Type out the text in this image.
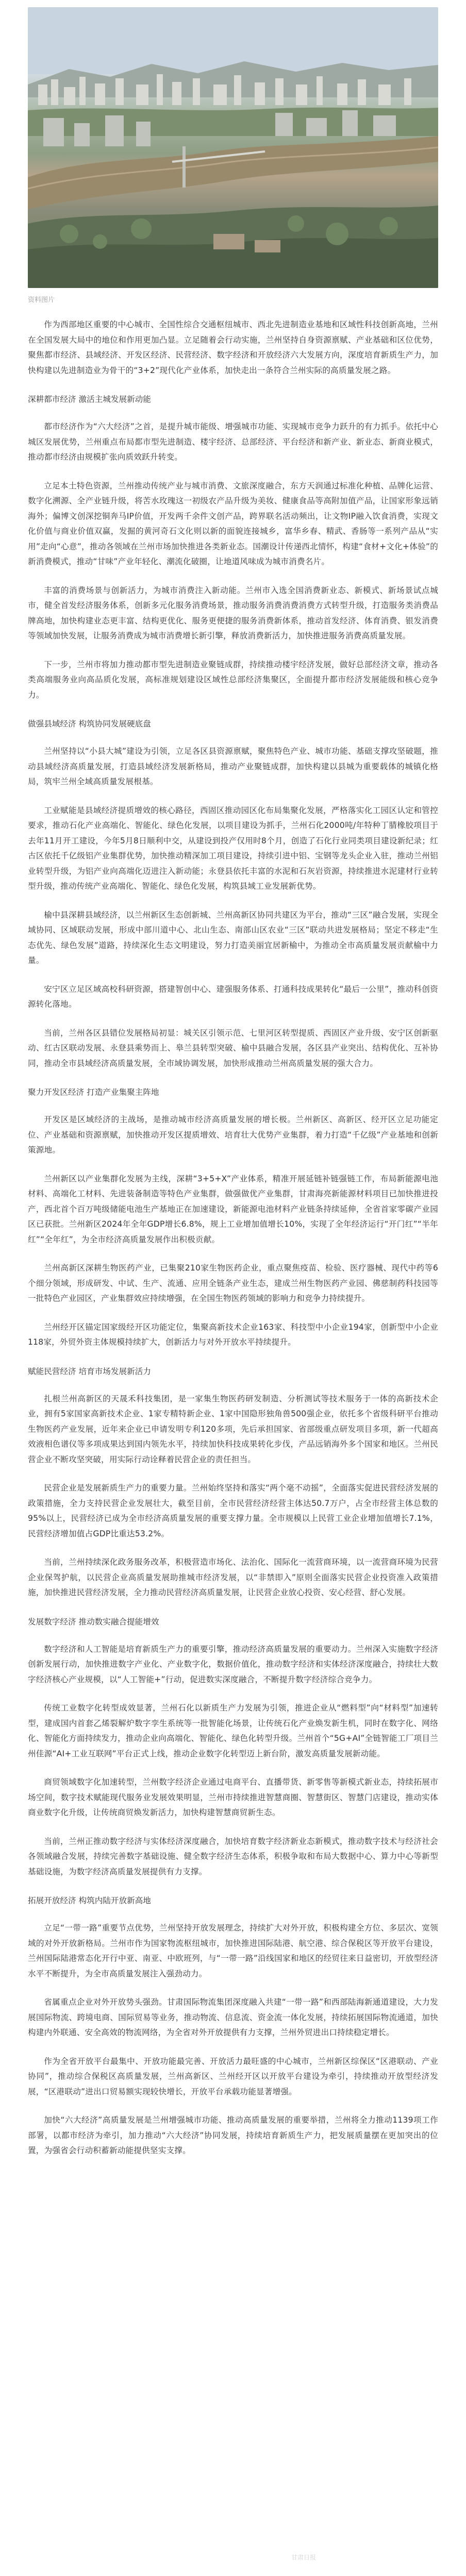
资料图片

作为西部地区重要的中心城市、全国性综合交通枢纽城市、西北先进制造业基地和区域性科技创新高地，兰州在全国发展大局中的地位和作用更加凸显。立足随着会行动实施，兰州坚持自身资源禀赋、产业基础和区位优势，聚焦都市经济、县域经济、开发区经济、民营经济、数字经济和开放经济六大发展方向，深度培育新质生产力，加快构建以先进制造业为骨干的“3+2”现代化产业体系，加快走出一条符合兰州实际的高质量发展之路。

深耕都市经济 激活主城发展新动能

都市经济作为“六大经济”之首，是提升城市能级、增强城市功能、实现城市竞争力跃升的有力抓手。依托中心城区发展优势，兰州重点布局都市型先进制造、楼宇经济、总部经济、平台经济和新产业、新业态、新商业模式，推动都市经济由规模扩张向质效跃升转变。

立足本土特色资源，兰州推动传统产业与城市消费、文旅深度融合，东方天润通过标准化种植、品牌化运营、数字化溯源、全产业链升级，将苦水玫瑰这一初级农产品升级为美妆、健康食品等高附加值产品，让国家形象远销海外；偏博文创深挖铜奔马IP价值，开发两千余件文创产品，跨界联名活动频出，让文物IP融入饮食消费，实现文化价值与商业价值双赢，发掘的黄河奇石文化则以新的面貌连接城乡，富华乡春、精武、香肠等一系列产品从“实用”走向“心意”，推动各领域在兰州市场加快推进各类新业态。国潮设计传递西北情怀，构建“食材+文化+体验”的新消费模式，推动“甘味”产业年轻化、潮流化破圈，让地道风味成为城市消费名片。

丰富的消费场景与创新活力，为城市消费注入新动能。兰州市入选全国消费新业态、新模式、新场景试点城市，健全首发经济服务体系，创新多元化服务消费场景，推动服务消费消费消费方式转型升级，打造服务类消费品牌高地，加快构建业态更丰富、结构更优化、服务更便捷的服务消费新体系，推动首发经济、体育消费、银发消费等领域加快发展，让服务消费成为城市消费增长新引擎，释放消费新活力，加快推进服务消费高质量发展。

下一步，兰州市将加力推动都市型先进制造业聚链成群，持续推动楼宇经济发展，做好总部经济文章，推动各类高端服务业向高品质化发展，高标准规划建设区域性总部经济集聚区，全面提升都市经济发展能级和核心竞争力。

做强县域经济 构筑协同发展硬底盘

兰州坚持以“小县大城”建设为引领，立足各区县资源禀赋，聚焦特色产业、城市功能、基础支撑攻坚破题，推动县域经济高质量发展，打造县域经济发展新格局，推动产业聚链成群，加快构建以县城为重要载体的城镇化格局，筑牢兰州全域高质量发展根基。

工业赋能是县域经济提质增效的核心路径，西固区推动园区化布局集聚化发展，严格落实化工园区认定和管控要求，推动石化产业高端化、智能化、绿色化发展，以项目建设为抓手，兰州石化2000吨/年特种丁腈橡胶项目于去年11月开工建设，今年5月8日顺利中交，从建设到投产仅用时8个月，创造了石化行业同类项目建设新纪录；红古区依托千亿级铝产业集群优势，加快推动精深加工项目建设，持续引进中铝、宝钢等龙头企业入驻，推动兰州铝业转型升级，为铝产业向高端化迈进注入新动能；永登县依托丰富的水泥和石灰岩资源，持续推进水泥建材行业转型升级，推动传统产业高端化、智能化、绿色化发展，构筑县域工业发展新优势。

榆中县深耕县域经济，以兰州新区生态创新城、兰州高新区协同共建区为平台，推动“三区”融合发展，实现全域协同、区域联动发展，形成中部川道中心、北山生态、南部山区农业“三区”联动共进发展格局；坚定不移走“生态优先、绿色发展”道路，持续深化生态文明建设，努力打造美丽宜居新榆中，为推动全市高质量发展贡献榆中力量。

安宁区立足区域高校科研资源，搭建智创中心、建强服务体系、打通科技成果转化“最后一公里”，推动科创资源转化落地。

当前，兰州各区县错位发展格局初显：城关区引领示范、七里河区转型提质、西固区产业升级、安宁区创新驱动、红古区联动发展、永登县乘势而上、皋兰县转型突破、榆中县融合发展，各区县产业突出、结构优化、互补协同，推动全市县域经济高质量发展，全市域协调发展，加快形成推动兰州高质量发展的强大合力。

聚力开发区经济 打造产业集聚主阵地

开发区是区域经济的主战场，是推动城市经济高质量发展的增长极。兰州新区、高新区、经开区立足功能定位、产业基础和资源禀赋，加快推动开发区提质增效、培育壮大优势产业集群，着力打造“千亿级”产业基地和创新策源地。

兰州新区以产业集群化发展为主线，深耕“3+5+X”产业体系，精准开展延链补链强链工作，布局新能源电池材料、高端化工材料、先进装备制造等特色产业集群，做强做优产业集群，甘肃海亮新能源材料项目已加快推进投产，西北首个百万吨级储能电池生产基地正在加速建设，新能源电池材料产业链条持续延伸，全省首家零碳产业园区已获批。兰州新区2024年全年GDP增长6.8%，规上工业增加值增长10%，实现了全年经济运行“开门红”“半年红”“全年红”，为全市经济高质量发展作出积极贡献。

兰州高新区深耕生物医药产业，已集聚210家生物医药企业，重点聚焦疫苗、检验、医疗器械、现代中药等6个细分领域，形成研发、中试、生产、流通、应用全链条产业生态，建成兰州生物医药产业园、佛慈制药科技园等一批特色产业园区，产业集群效应持续增强，在全国生物医药领域的影响力和竞争力持续提升。

兰州经开区锚定国家级经开区功能定位，集聚高新技术企业163家、科技型中小企业194家，创新型中小企业118家，外贸外资主体规模持续扩大，创新活力与对外开放水平持续提升。

赋能民营经济 培育市场发展新活力

扎根兰州高新区的天晟禾科技集团，是一家集生物医药研发制造、分析测试等技术服务于一体的高新技术企业，拥有5家国家高新技术企业、1家专精特新企业、1家中国隐形独角兽500强企业，依托多个省级科研平台推动生物医药产业发展，近年来企业已申请发明专利120多项，先后承担国家、省部级重点研发项目多项，新一代超高效液相色谱仪等多项成果达到国内领先水平，持续加快科技成果转化步伐，产品远销海外多个国家和地区。兰州民营企业不断攻坚突破，用实际行动诠释着民营企业的责任担当。

民营企业是发展新质生产力的重要力量。兰州始终坚持和落实“两个毫不动摇”，全面落实促进民营经济发展的政策措施，全力支持民营企业发展壮大，截至目前，全市民营经济经营主体达50.7万户，占全市经营主体总数的95%以上，民营经济已成为全市经济高质量发展的重要支撑力量。全市规模以上民营工业企业增加值增长7.1%，民营经济增加值占GDP比重达53.2%。

当前，兰州持续深化政务服务改革，积极营造市场化、法治化、国际化一流营商环境，以一流营商环境为民营企业保驾护航，以民营企业高质量发展助推城市经济发展，以“非禁即入”原则全面落实民营企业投资准入政策措施，加快推进民营经济发展，全力推动民营经济高质量发展，让民营企业放心投资、安心经营、舒心发展。

发展数字经济 推动数实融合提能增效

数字经济和人工智能是培育新质生产力的重要引擎，推动经济高质量发展的重要动力。兰州深入实施数字经济创新发展行动，加快推进数字产业化、产业数字化，数据价值化，推动数字经济和实体经济深度融合，持续壮大数字经济核心产业规模，以“人工智能+”行动，促进数实深度融合，不断提升数字经济综合竞争力。

传统工业数字化转型成效显著，兰州石化以新质生产力发展为引领，推进企业从“燃料型”向“材料型”加速转型，建成国内首套乙烯裂解炉数字孪生系统等一批智能化场景，让传统石化产业焕发新生机，同时在数字化、网络化、智能化方面持续发力，推动企业向高端化、智能化、绿色化转型升级。兰州首个“5G+AI”全链智能工厂项目兰州佳源“AI+工业互联网”平台正式上线，推动企业数字化转型迈上新台阶，激发高质量发展新动能。

商贸领域数字化加速转型，兰州数字经济企业通过电商平台、直播带货、新零售等新模式新业态，持续拓展市场空间，数字技术赋能现代服务业发展效果明显，兰州市持续推进智慧商圈、智慧街区、智慧门店建设，推动实体商业数字化升级，让传统商贸焕发新活力，加快构建智慧商贸新生态。

当前，兰州正推动数字经济与实体经济深度融合，加快培育数字经济新业态新模式，推动数字技术与经济社会各领域融合发展，持续完善数字基础设施、健全数字经济生态体系，积极争取和布局大数据中心、算力中心等新型基础设施，为数字经济高质量发展提供有力支撑。

拓展开放经济 构筑内陆开放新高地

立足“一带一路”重要节点优势，兰州坚持开放发展理念，持续扩大对外开放，积极构建全方位、多层次、宽领域的对外开放新格局。兰州市作为国家物流枢纽城市，加快推进国际陆港、航空港、综合保税区等开放平台建设，兰州国际陆港常态化开行中亚、南亚、中欧班列，与“一带一路”沿线国家和地区的经贸往来日益密切，开放型经济水平不断提升，为全市高质量发展注入强劲动力。

省属重点企业对外开放势头强劲。甘肃国际物流集团深度融入共建“一带一路”和西部陆海新通道建设，大力发展国际物流、跨境电商、国际贸易等业务，推动物流、信息流、资金流一体化发展，持续拓展国际物流通道，加快构建内外联通、安全高效的物流网络，为全省对外开放提供有力支撑，兰州外贸进出口持续稳定增长。

作为全省开放平台最集中、开放功能最完善、开放活力最旺盛的中心城市，兰州新区综保区“区港联动、产业协同”，推动综合保税区高质量发展，兰州高新区、兰州经开区以开放平台建设为牵引，持续推动开放型经济发展，“区港联动”进出口贸易额实现较快增长，开放平台承载功能显著增强。

加快“六大经济”高质量发展是兰州增强城市功能、推动高质量发展的重要举措，兰州将全力推动1139项工作部署，以都市经济为牵引，加力推动“六大经济”协同发展，持续培育新质生产力，把发展质量摆在更加突出的位置，为强省会行动积蓄新动能提供坚实支撑。

甘肃日报
